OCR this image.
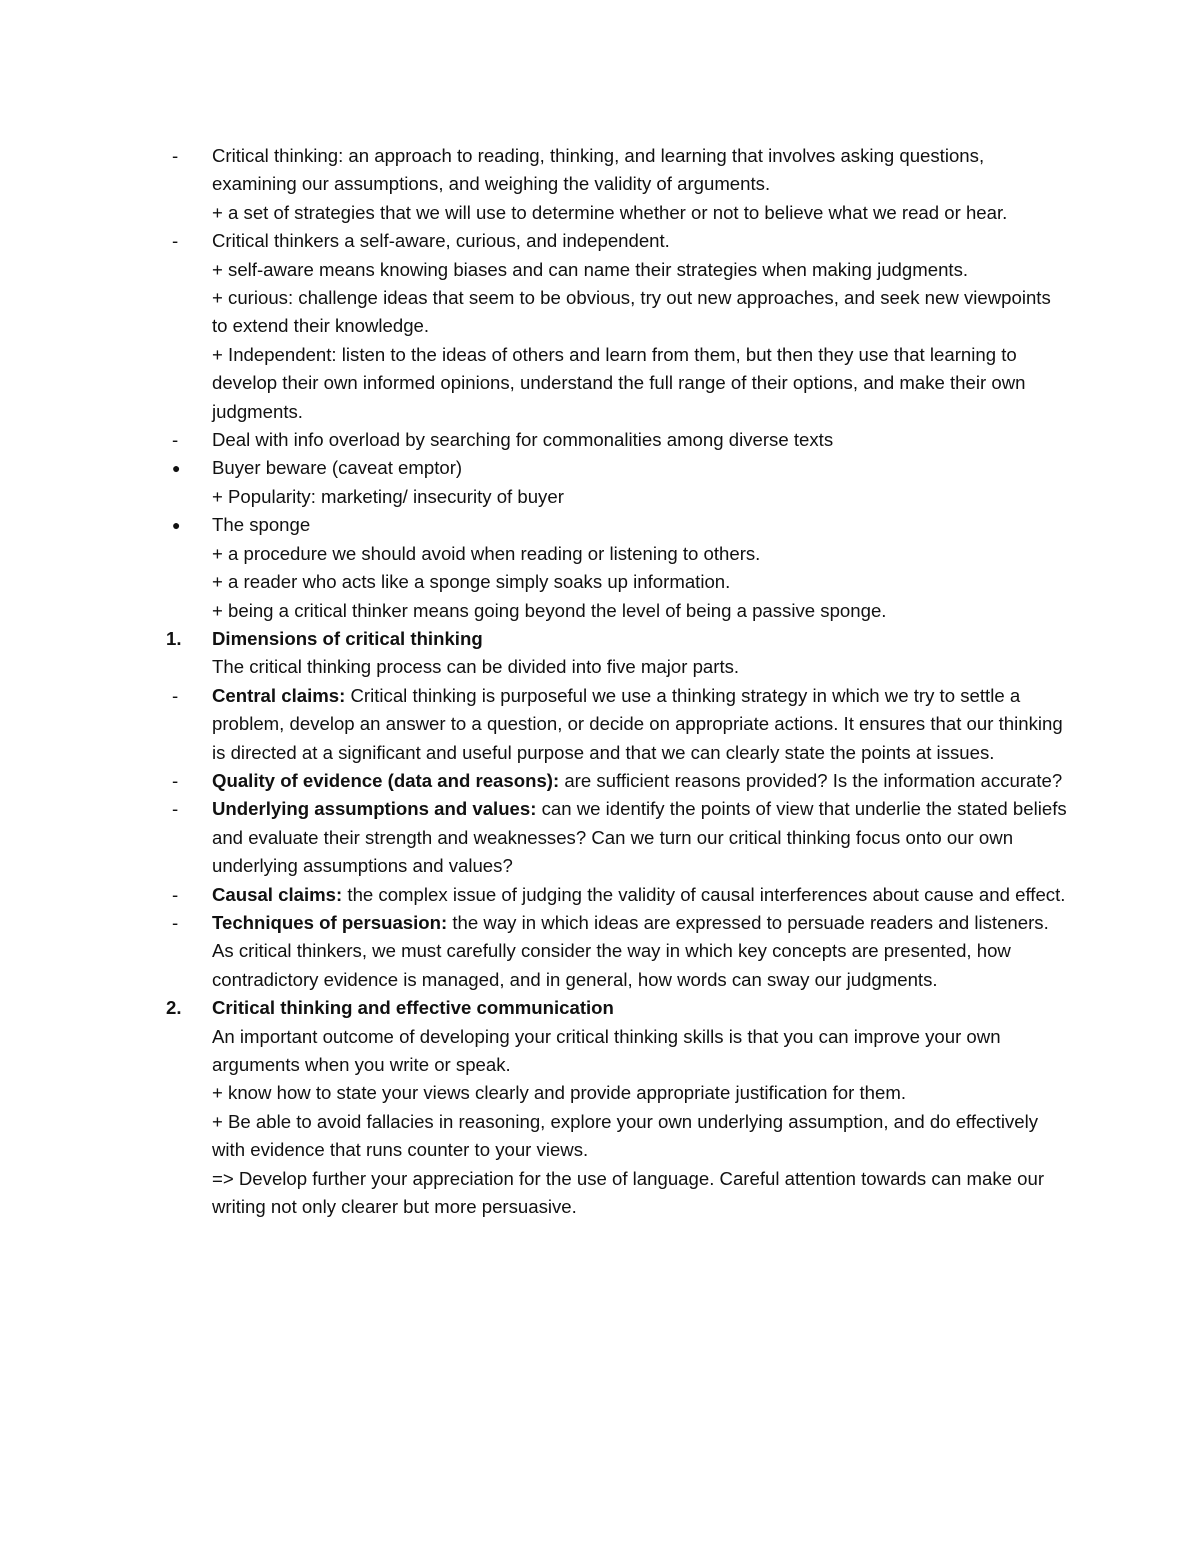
-	Critical thinking: an approach to reading, thinking, and learning that involves asking questions, examining our assumptions, and weighing the validity of arguments.
+ a set of strategies that we will use to determine whether or not to believe what we read or hear.
-	Critical thinkers a self-aware, curious, and independent.
+ self-aware means knowing biases and can name their strategies when making judgments.
+ curious: challenge ideas that seem to be obvious, try out new approaches, and seek new viewpoints to extend their knowledge.
+ Independent: listen to the ideas of others and learn from them, but then they use that learning to develop their own informed opinions, understand the full range of their options, and make their own judgments.
-	Deal with info overload by searching for commonalities among diverse texts
●	Buyer beware (caveat emptor)
+ Popularity: marketing/ insecurity of buyer
●	The sponge
+ a procedure we should avoid when reading or listening to others.
+ a reader who acts like a sponge simply soaks up information.
+ being a critical thinker means going beyond the level of being a passive sponge.
1.	Dimensions of critical thinking
The critical thinking process can be divided into five major parts.
-	Central claims: Critical thinking is purposeful we use a thinking strategy in which we try to settle a problem, develop an answer to a question, or decide on appropriate actions. It ensures that our thinking is directed at a significant and useful purpose and that we can clearly state the points at issues.
-	Quality of evidence (data and reasons): are sufficient reasons provided? Is the information accurate?
-	Underlying assumptions and values: can we identify the points of view that underlie the stated beliefs and evaluate their strength and weaknesses? Can we turn our critical thinking focus onto our own underlying assumptions and values?
-	Causal claims: the complex issue of judging the validity of causal interferences about cause and effect.
-	Techniques of persuasion: the way in which ideas are expressed to persuade readers and listeners. As critical thinkers, we must carefully consider the way in which key concepts are presented, how contradictory evidence is managed, and in general, how words can sway our judgments.
2.	Critical thinking and effective communication
An important outcome of developing your critical thinking skills is that you can improve your own arguments when you write or speak.
+ know how to state your views clearly and provide appropriate justification for them.
+ Be able to avoid fallacies in reasoning, explore your own underlying assumption, and do effectively with evidence that runs counter to your views.
=> Develop further your appreciation for the use of language. Careful attention towards can make our writing not only clearer but more persuasive.
